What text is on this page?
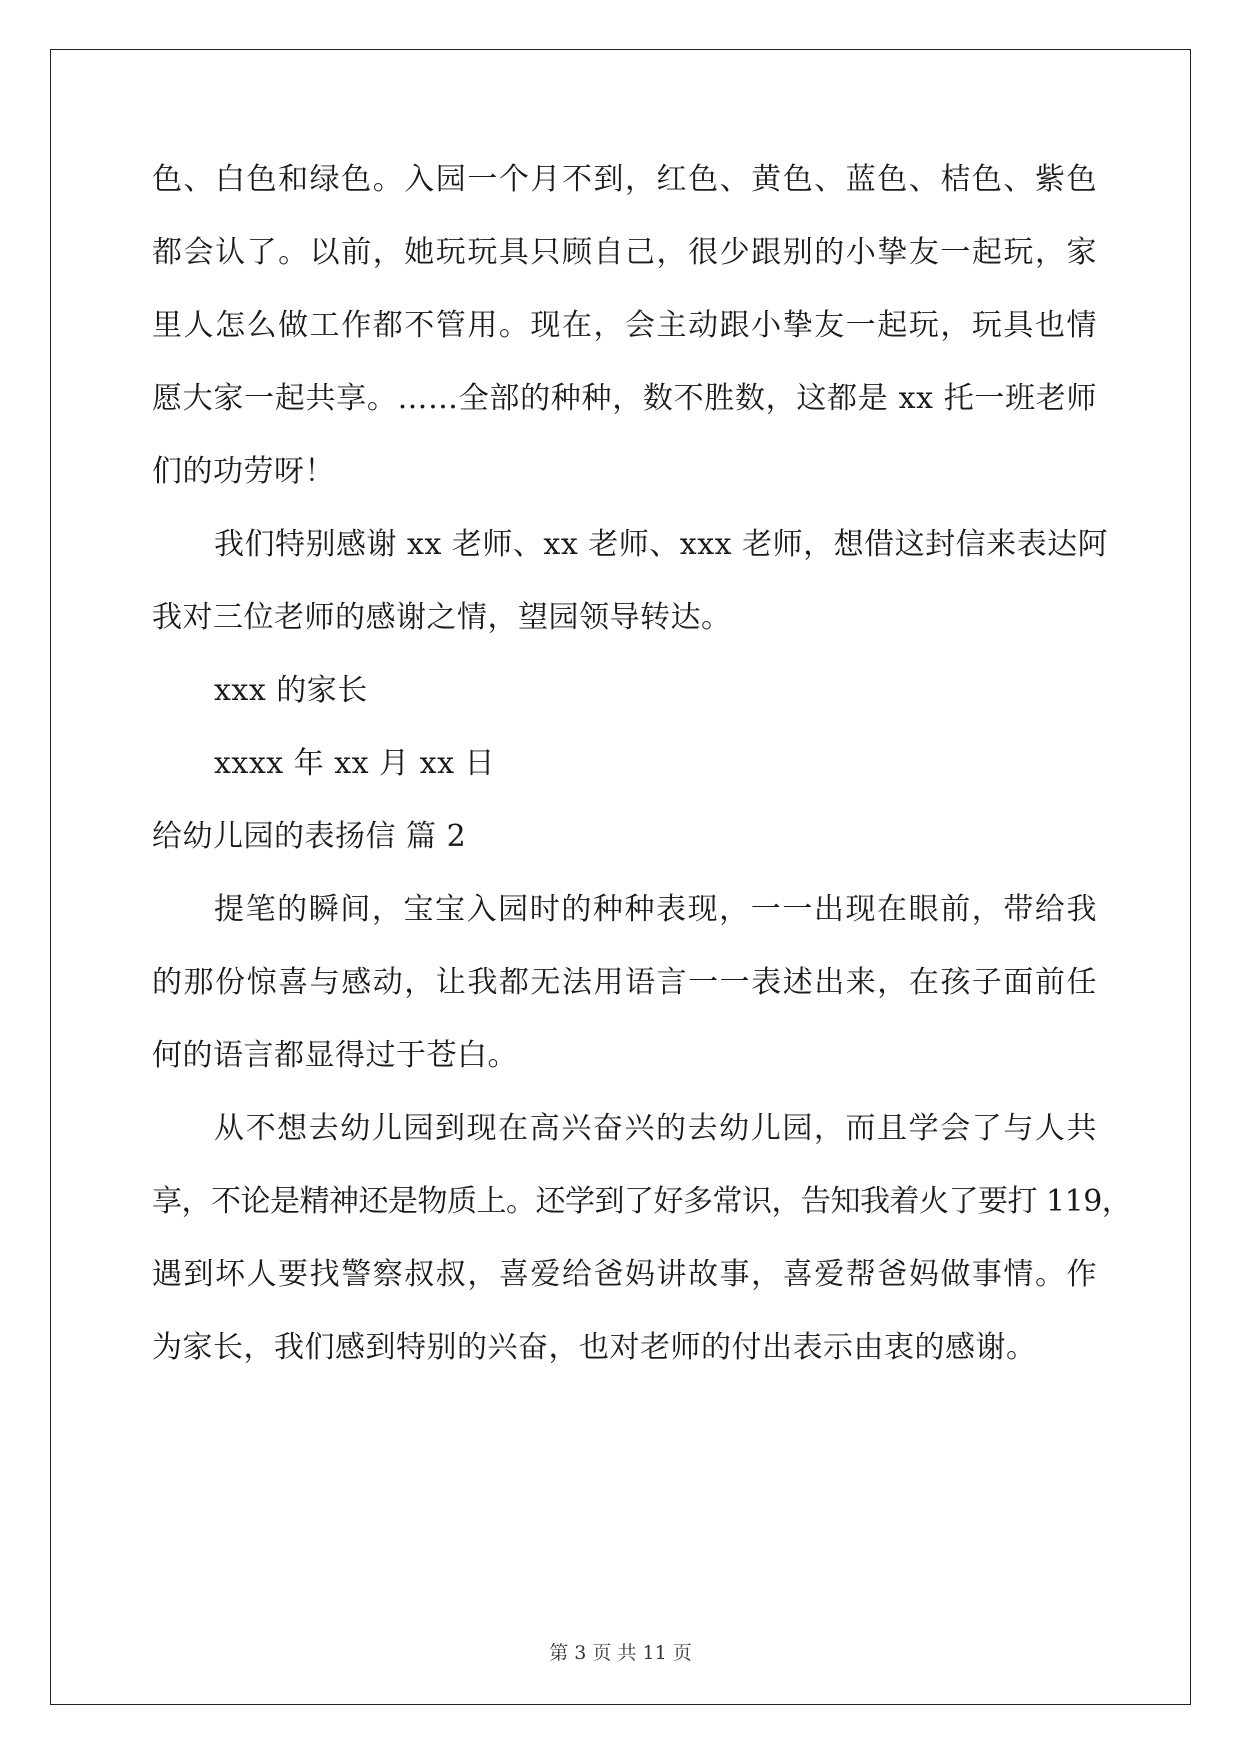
色、白色和绿色。入园一个月不到，红色、黄色、蓝色、桔色、紫色
都会认了。以前，她玩玩具只顾自己，很少跟别的小挚友一起玩，家
里人怎么做工作都不管用。现在，会主动跟小挚友一起玩，玩具也情
愿大家一起共享。……全部的种种，数不胜数，这都是 xx 托一班老师
们的功劳呀！
我们特别感谢 xx 老师、xx 老师、xxx 老师，想借这封信来表达阿
我对三位老师的感谢之情，望园领导转达。
xxx 的家长
xxxx 年 xx 月 xx 日
给幼儿园的表扬信 篇 2
提笔的瞬间，宝宝入园时的种种表现，一一出现在眼前，带给我
的那份惊喜与感动，让我都无法用语言一一表述出来，在孩子面前任
何的语言都显得过于苍白。
从不想去幼儿园到现在高兴奋兴的去幼儿园，而且学会了与人共
享，不论是精神还是物质上。还学到了好多常识，告知我着火了要打 119，
遇到坏人要找警察叔叔，喜爱给爸妈讲故事，喜爱帮爸妈做事情。作
为家长，我们感到特别的兴奋，也对老师的付出表示由衷的感谢。
第 3 页 共 11 页
